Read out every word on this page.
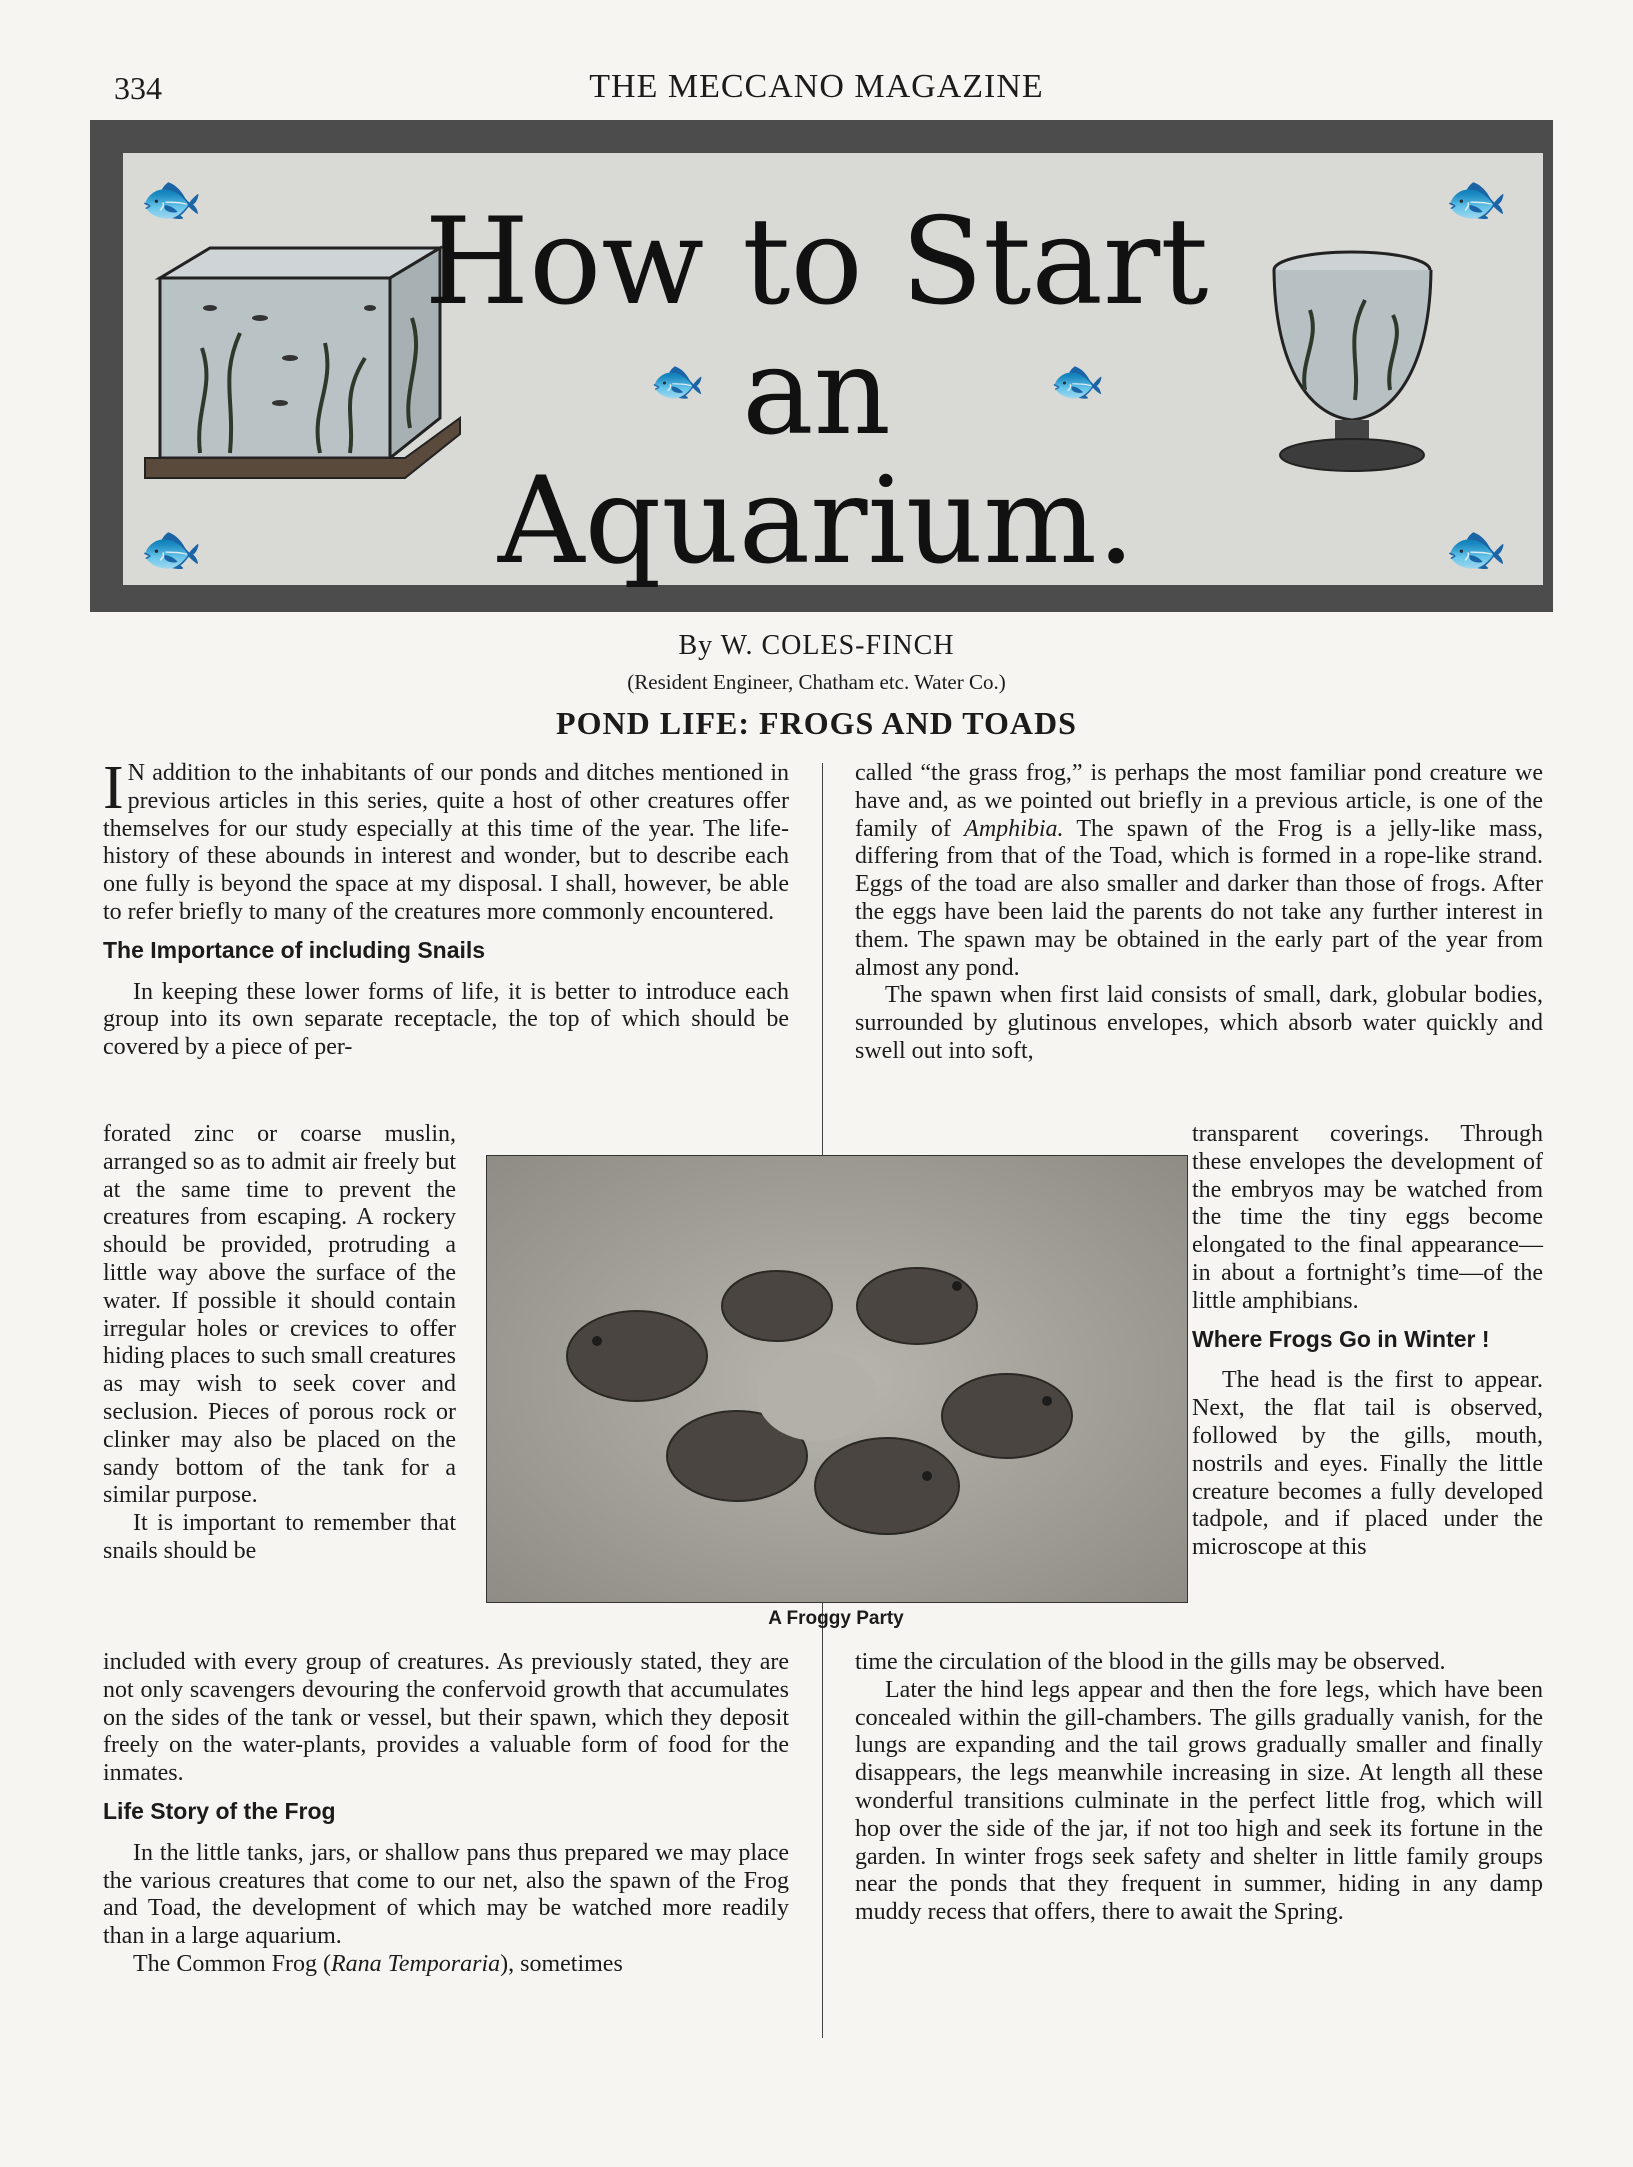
334	THE MECCANO MAGAZINE
🐟
🐟
🐟
🐟
🐟	🐟
How to Start
an
Aquarium.
By W. COLES-FINCH
(Resident Engineer, Chatham etc. Water Co.)
POND LIFE: FROGS AND TOADS

I N addition to the inhabitants of our ponds and ditches mentioned in previous articles in this series, quite a host of other creatures offer themselves for our study especially at this time of the year. The life-history of these abounds in interest and wonder, but to describe each one fully is beyond the space at my disposal. I shall, however, be able to refer briefly to many of the creatures more commonly encountered.

The Importance of including Snails

In keeping these lower forms of life, it is better to introduce each group into its own separate receptacle, the top of which should be covered by a piece of per-

forated zinc or coarse muslin, arranged so as to admit air freely but at the same time to prevent the creatures from escaping. A rockery should be provided, protruding a little way above the surface of the water. If possible it should contain irregular holes or crevices to offer hiding places to such small creatures as may wish to seek cover and seclusion. Pieces of porous rock or clinker may also be placed on the sandy bottom of the tank for a similar purpose.

It is important to remember that snails should be

included with every group of creatures. As previously stated, they are not only scavengers devouring the confervoid growth that accumulates on the sides of the tank or vessel, but their spawn, which they deposit freely on the water-plants, provides a valuable form of food for the inmates.

Life Story of the Frog

In the little tanks, jars, or shallow pans thus prepared we may place the various creatures that come to our net, also the spawn of the Frog and Toad, the development of which may be watched more readily than in a large aquarium.

The Common Frog (Rana Temporaria), sometimes

called “the grass frog,” is perhaps the most familiar pond creature we have and, as we pointed out briefly in a previous article, is one of the family of Amphibia. The spawn of the Frog is a jelly-like mass, differing from that of the Toad, which is formed in a rope-like strand. Eggs of the toad are also smaller and darker than those of frogs. After the eggs have been laid the parents do not take any further interest in them. The spawn may be obtained in the early part of the year from almost any pond.

The spawn when first laid consists of small, dark, globular bodies, surrounded by glutinous envelopes, which absorb water quickly and swell out into soft,

transparent coverings. Through these envelopes the development of the embryos may be watched from the time the tiny eggs become elongated to the final appearance—in about a fortnight’s time—of the little amphibians.

Where Frogs Go in Winter !

The head is the first to appear. Next, the flat tail is observed, followed by the gills, mouth, nostrils and eyes. Finally the little creature becomes a fully developed tadpole, and if placed under the microscope at this

time the circulation of the blood in the gills may be observed.

Later the hind legs appear and then the fore legs, which have been concealed within the gill-chambers. The gills gradually vanish, for the lungs are expanding and the tail grows gradually smaller and finally disappears, the legs meanwhile increasing in size. At length all these wonderful transitions culminate in the perfect little frog, which will hop over the side of the jar, if not too high and seek its fortune in the garden. In winter frogs seek safety and shelter in little family groups near the ponds that they frequent in summer, hiding in any damp muddy recess that offers, there to await the Spring.

A Froggy Party
